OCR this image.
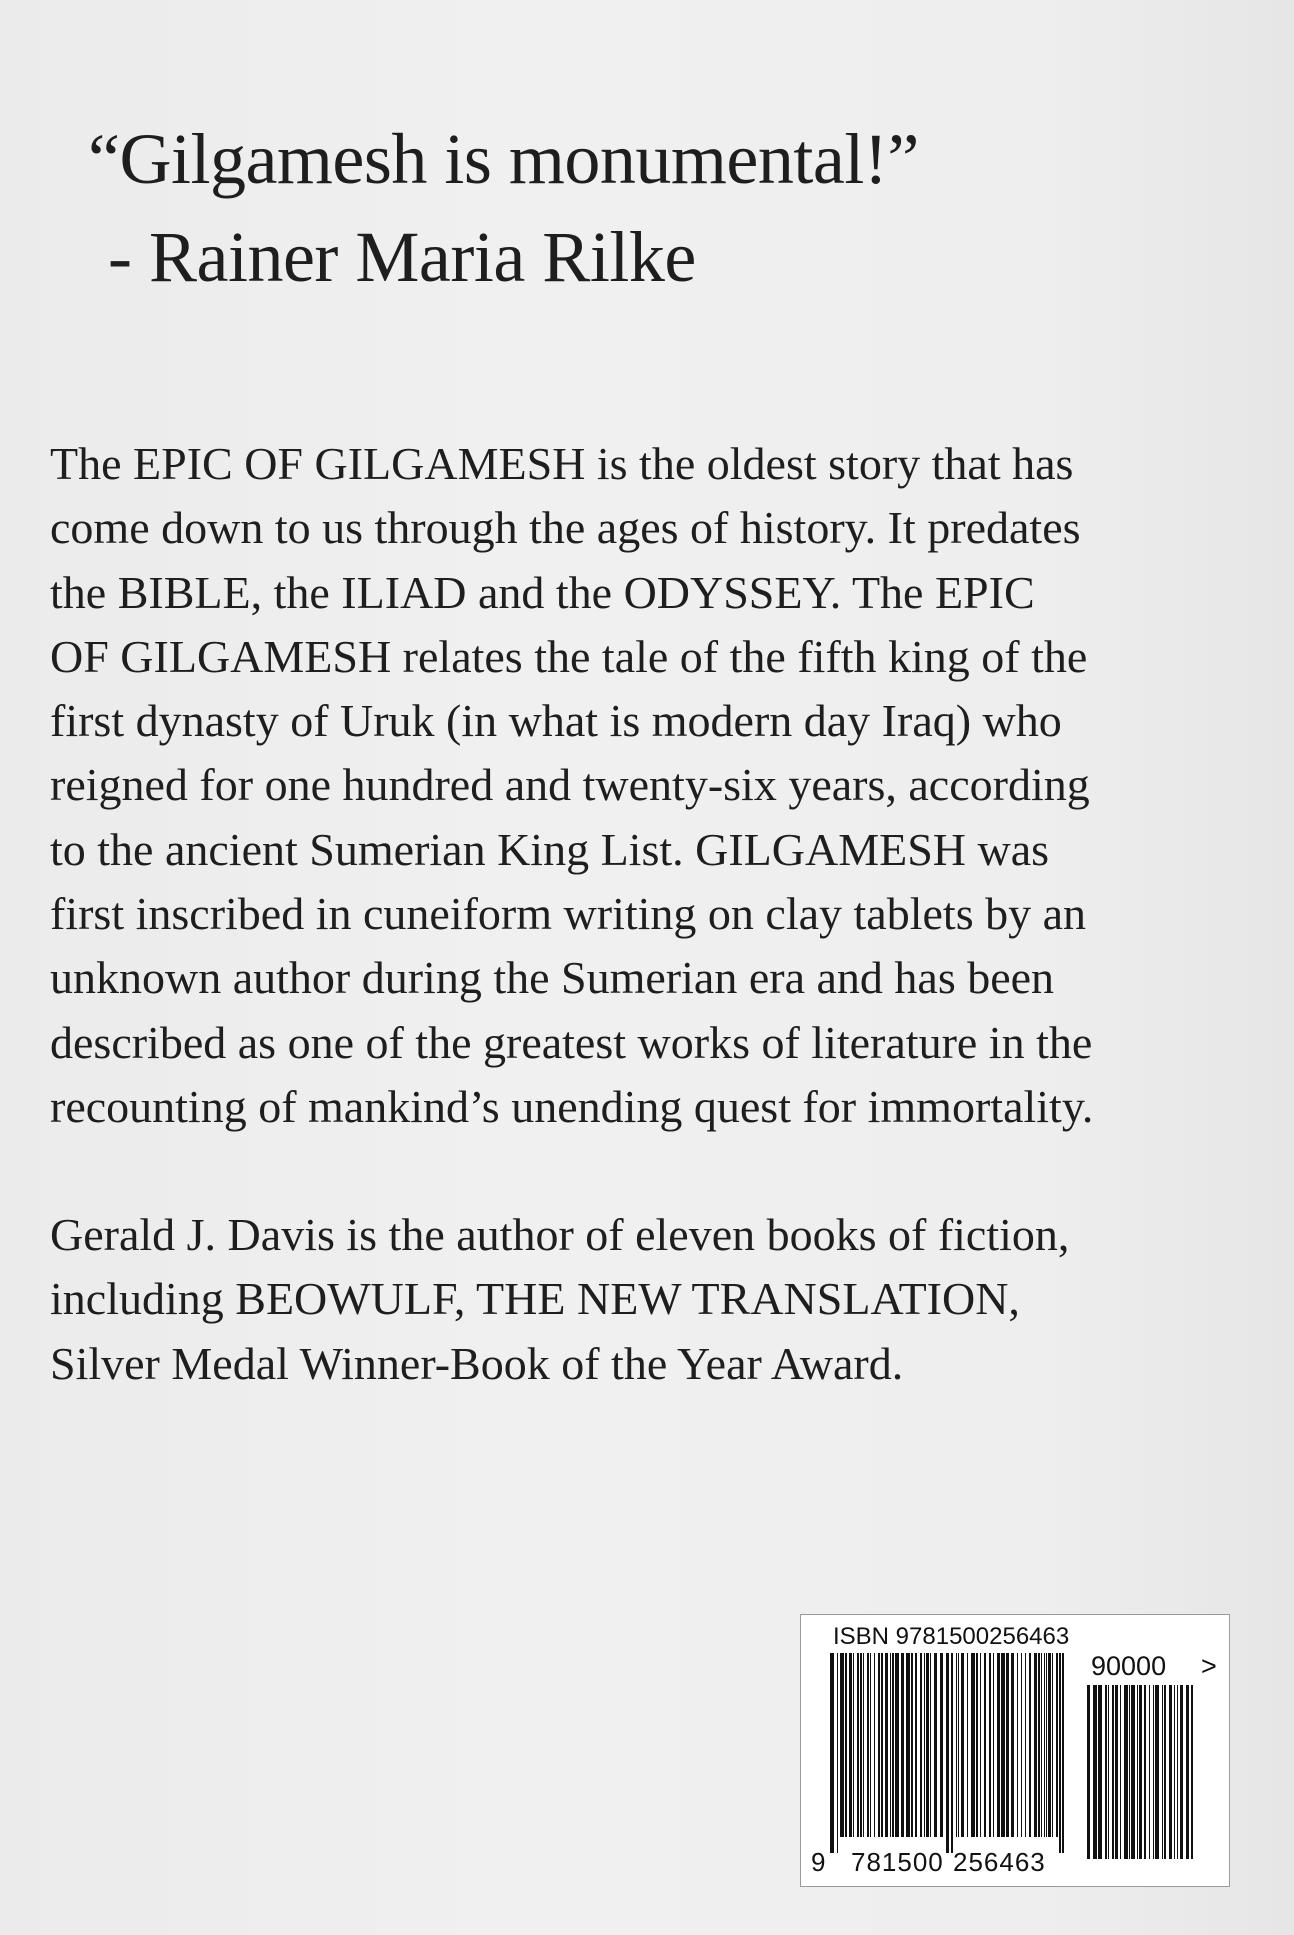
“Gilgamesh is monumental!”
- Rainer Maria Rilke
The EPIC OF GILGAMESH is the oldest story that has
come down to us through the ages of history. It predates
the BIBLE, the ILIAD and the ODYSSEY. The EPIC
OF GILGAMESH relates the tale of the fifth king of the
first dynasty of Uruk (in what is modern day Iraq) who
reigned for one hundred and twenty-six years, according
to the ancient Sumerian King List. GILGAMESH was
first inscribed in cuneiform writing on clay tablets by an
unknown author during the Sumerian era and has been
described as one of the greatest works of literature in the
recounting of mankind’s unending quest for immortality.
Gerald J. Davis is the author of eleven books of fiction,
including BEOWULF, THE NEW TRANSLATION,
Silver Medal Winner-Book of the Year Award.
ISBN 9781500256463
90000 >
9 781500 256463
